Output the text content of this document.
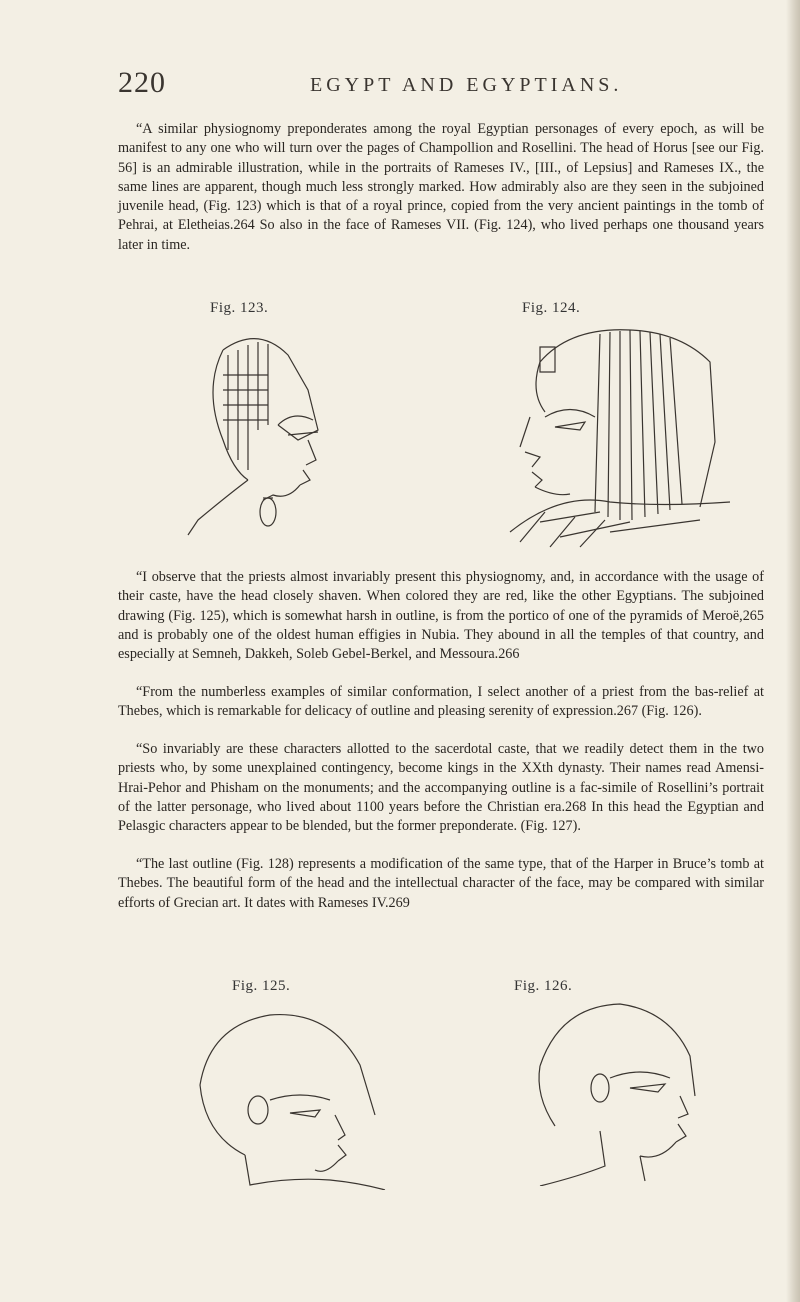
220	EGYPT AND EGYPTIANS.

“A similar physiognomy preponderates among the royal Egyptian personages of every epoch, as will be manifest to any one who will turn over the pages of Champollion and Rosellini. The head of Horus [see our Fig. 56] is an admirable illustration, while in the portraits of Rameses IV., [III., of Lepsius] and Rameses IX., the same lines are apparent, though much less strongly marked. How admirably also are they seen in the subjoined juvenile head, (Fig. 123) which is that of a royal prince, copied from the very ancient paintings in the tomb of Pehrai, at Eletheias.264 So also in the face of Rameses VII. (Fig. 124), who lived perhaps one thousand years later in time.

Fig. 123.	Fig. 124.

“I observe that the priests almost invariably present this physiognomy, and, in accordance with the usage of their caste, have the head closely shaven. When colored they are red, like the other Egyptians. The subjoined drawing (Fig. 125), which is somewhat harsh in outline, is from the portico of one of the pyramids of Meroë,265 and is probably one of the oldest human effigies in Nubia. They abound in all the temples of that country, and especially at Semneh, Dakkeh, Soleb Gebel-Berkel, and Messoura.266

“From the numberless examples of similar conformation, I select another of a priest from the bas-relief at Thebes, which is remarkable for delicacy of outline and pleasing serenity of expression.267 (Fig. 126).

“So invariably are these characters allotted to the sacerdotal caste, that we readily detect them in the two priests who, by some unexplained contingency, become kings in the XXth dynasty. Their names read Amensi-Hrai-Pehor and Phisham on the monuments; and the accompanying outline is a fac-simile of Rosellini’s portrait of the latter personage, who lived about 1100 years before the Christian era.268 In this head the Egyptian and Pelasgic characters appear to be blended, but the former preponderate. (Fig. 127).

“The last outline (Fig. 128) represents a modification of the same type, that of the Harper in Bruce’s tomb at Thebes. The beautiful form of the head and the intellectual character of the face, may be compared with similar efforts of Grecian art. It dates with Rameses IV.269

Fig. 125.	Fig. 126.
